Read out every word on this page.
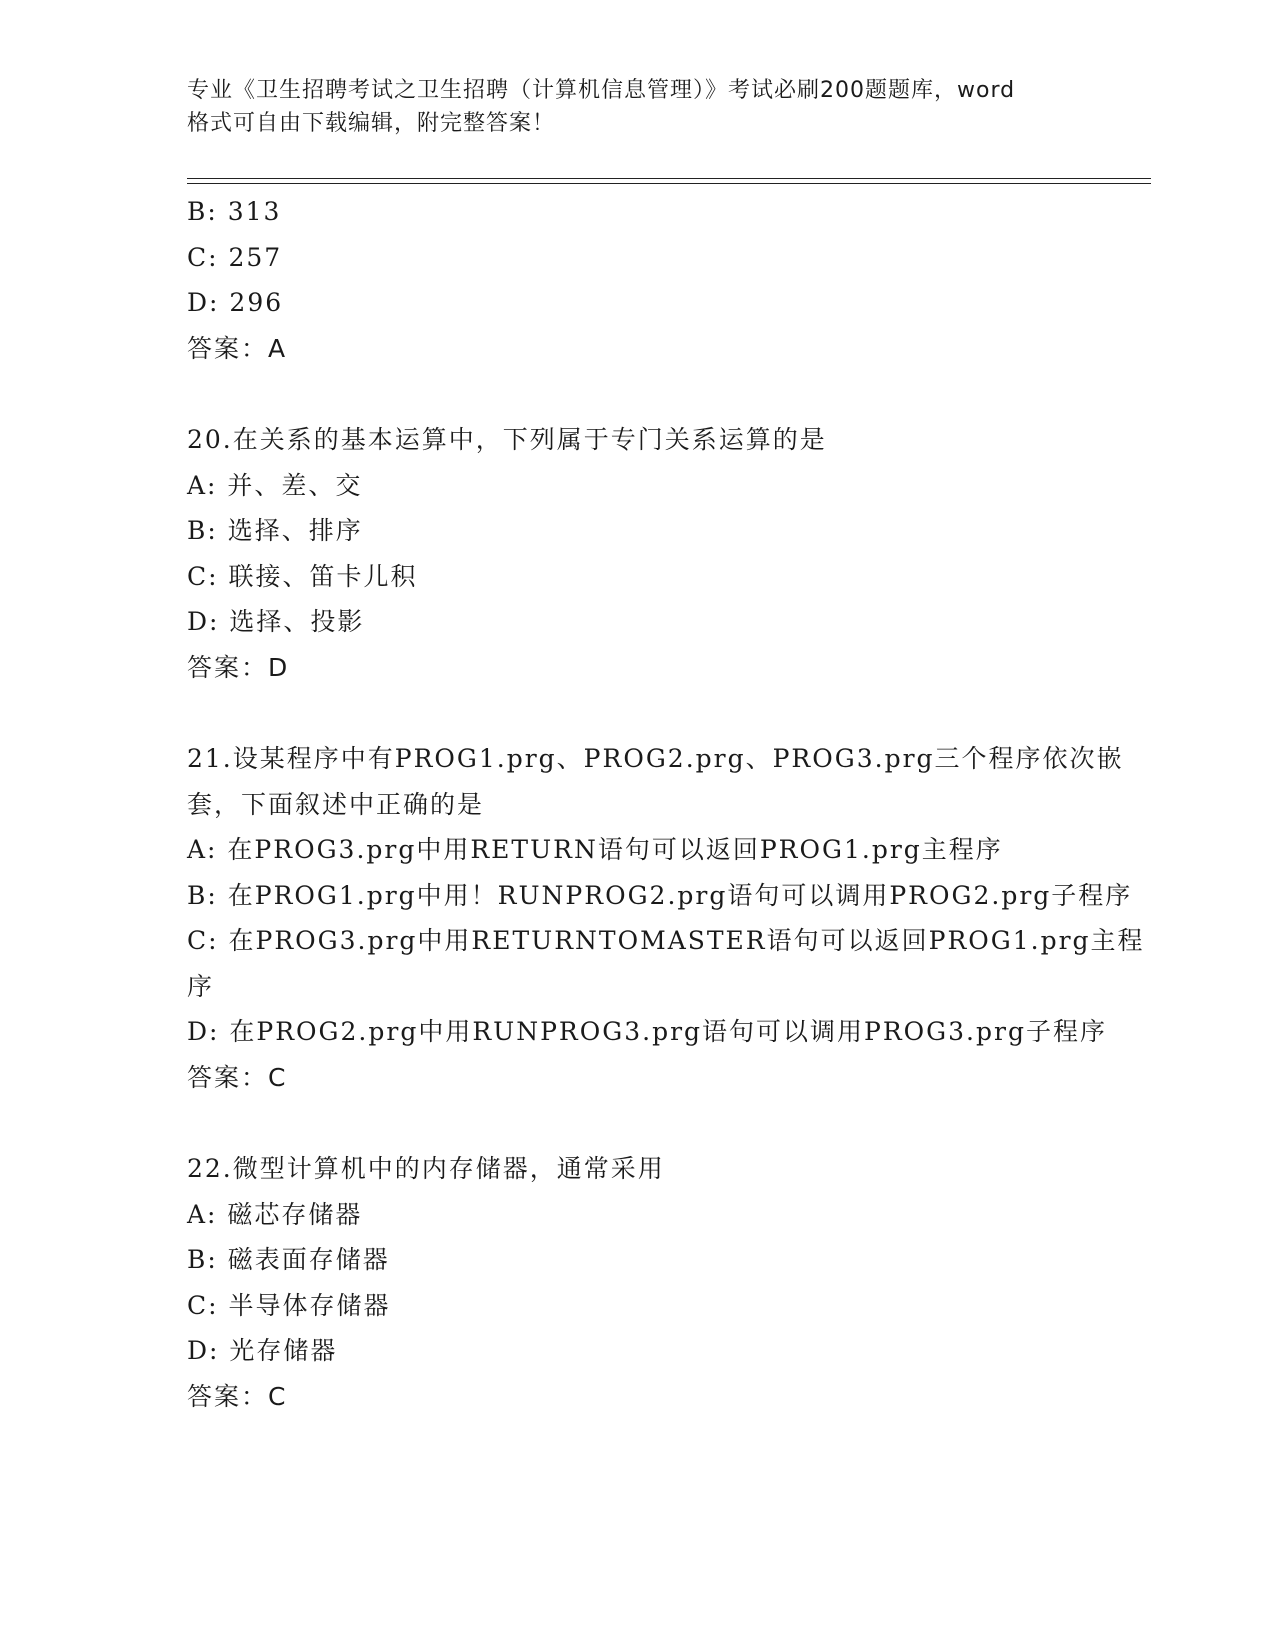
专业《卫生招聘考试之卫生招聘（计算机信息管理）》考试必刷200题题库，word
格式可自由下载编辑，附完整答案！
B: 313
C: 257
D: 296
答案：A
20.在关系的基本运算中，下列属于专门关系运算的是
A: 并、差、交
B: 选择、排序
C: 联接、笛卡儿积
D: 选择、投影
答案：D
21.设某程序中有PROG1.prg、PROG2.prg、PROG3.prg三个程序依次嵌
套，下面叙述中正确的是
A: 在PROG3.prg中用RETURN语句可以返回PROG1.prg主程序
B: 在PROG1.prg中用！RUNPROG2.prg语句可以调用PROG2.prg子程序
C: 在PROG3.prg中用RETURNTOMASTER语句可以返回PROG1.prg主程
序
D: 在PROG2.prg中用RUNPROG3.prg语句可以调用PROG3.prg子程序
答案：C
22.微型计算机中的内存储器，通常采用
A: 磁芯存储器
B: 磁表面存储器
C: 半导体存储器
D: 光存储器
答案：C
